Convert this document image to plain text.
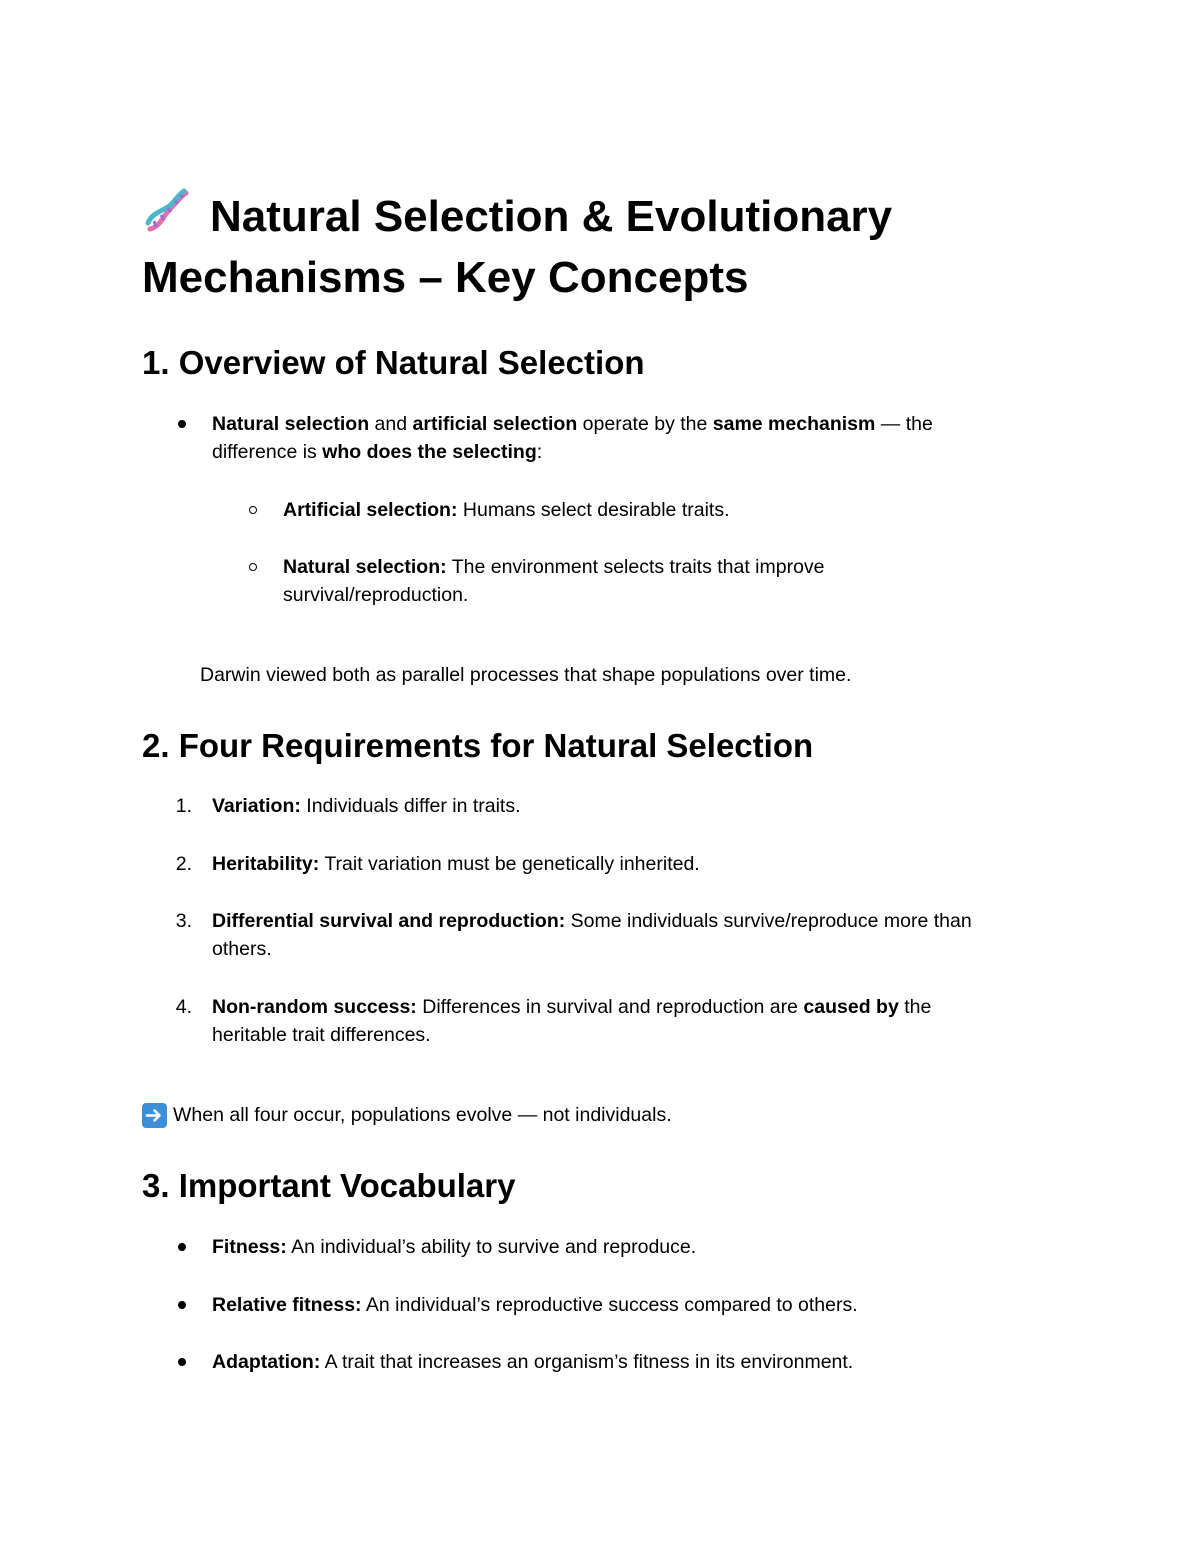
Natural Selection & Evolutionary
Mechanisms – Key Concepts
1. Overview of Natural Selection

Natural selection and artificial selection operate by the same mechanism — the

difference is who does the selecting:

Artificial selection: Humans select desirable traits.

Natural selection: The environment selects traits that improve

survival/reproduction.

Darwin viewed both as parallel processes that shape populations over time.

2. Four Requirements for Natural Selection
1. Variation: Individuals differ in traits.

2. Heritability: Trait variation must be genetically inherited.

3. Differential survival and reproduction: Some individuals survive/reproduce more than

others.

4. Non-random success: Differences in survival and reproduction are caused by the

heritable trait differences.

When all four occur, populations evolve — not individuals.

3. Important Vocabulary

Fitness: An individual’s ability to survive and reproduce.

Relative fitness: An individual’s reproductive success compared to others.

Adaptation: A trait that increases an organism’s fitness in its environment.
